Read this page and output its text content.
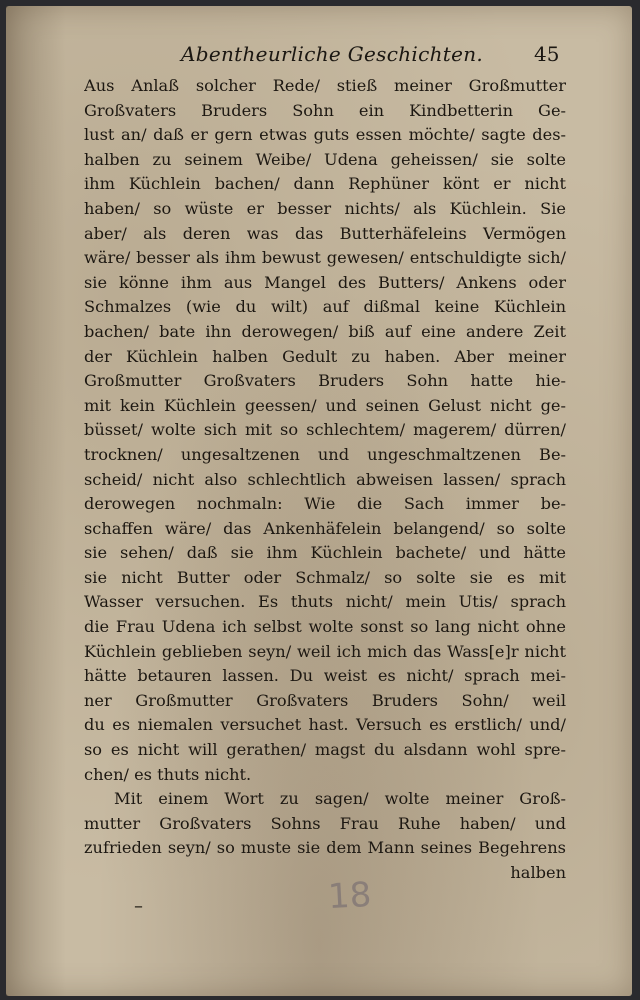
Abentheurliche Geschichten.	45
Aus Anlaß solcher Rede/ stieß meiner Großmutter
Großvaters Bruders Sohn ein Kindbetterin Ge-
lust an/ daß er gern etwas guts essen möchte/ sagte des-
halben zu seinem Weibe/ Udena geheissen/ sie solte
ihm Küchlein bachen/ dann Rephüner könt er nicht
haben/ so wüste er besser nichts/ als Küchlein. Sie
aber/ als deren was das Butterhäfeleins Vermögen
wäre/ besser als ihm bewust gewesen/ entschuldigte sich/
sie könne ihm aus Mangel des Butters/ Ankens oder
Schmalzes (wie du wilt) auf dißmal keine Küchlein
bachen/ bate ihn derowegen/ biß auf eine andere Zeit
der Küchlein halben Gedult zu haben. Aber meiner
Großmutter Großvaters Bruders Sohn hatte hie-
mit kein Küchlein geessen/ und seinen Gelust nicht ge-
büsset/ wolte sich mit so schlechtem/ magerem/ dürren/
trocknen/ ungesaltzenen und ungeschmaltzenen Be-
scheid/ nicht also schlechtlich abweisen lassen/ sprach
derowegen nochmaln: Wie die Sach immer be-
schaffen wäre/ das Ankenhäfelein belangend/ so solte
sie sehen/ daß sie ihm Küchlein bachete/ und hätte
sie nicht Butter oder Schmalz/ so solte sie es mit
Wasser versuchen. Es thuts nicht/ mein Utis/ sprach
die Frau Udena ich selbst wolte sonst so lang nicht ohne
Küchlein geblieben seyn/ weil ich mich das Wass[e]r nicht
hätte betauren lassen. Du weist es nicht/ sprach mei-
ner Großmutter Großvaters Bruders Sohn/ weil
du es niemalen versuchet hast. Versuch es erstlich/ und/
so es nicht will gerathen/ magst du alsdann wohl spre-
chen/ es thuts nicht.
Mit einem Wort zu sagen/ wolte meiner Groß-
mutter Großvaters Sohns Frau Ruhe haben/ und
zufrieden seyn/ so muste sie dem Mann seines Begehrens
halben
–	18
